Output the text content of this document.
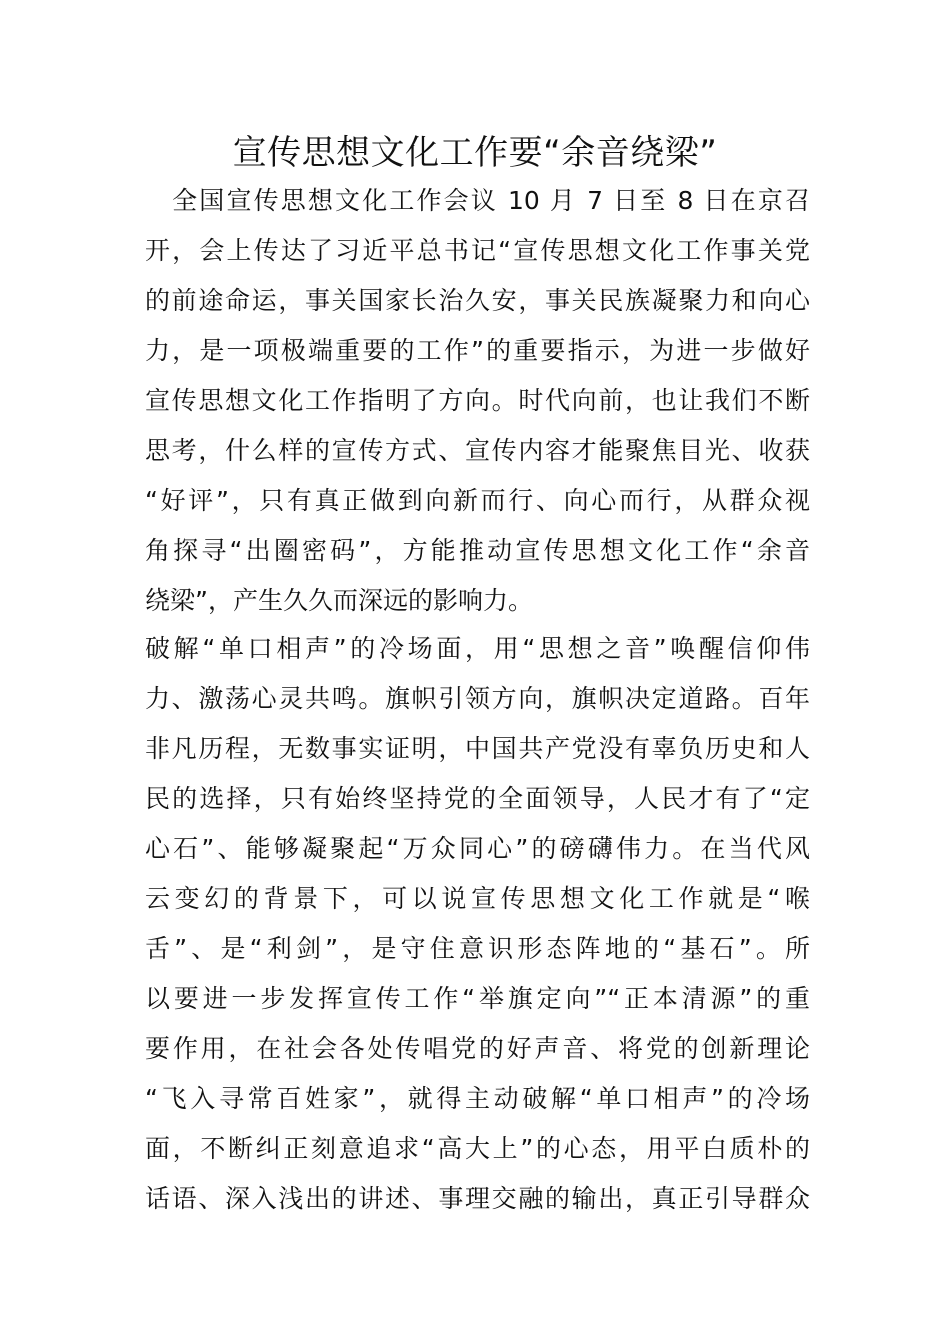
宣传思想文化工作要“余音绕梁”
　全国宣传思想文化工作会议 10 月 7 日至 8 日在京召
开，会上传达了习近平总书记“宣传思想文化工作事关党
的前途命运，事关国家长治久安，事关民族凝聚力和向心
力，是一项极端重要的工作”的重要指示，为进一步做好
宣传思想文化工作指明了方向。时代向前，也让我们不断
思考，什么样的宣传方式、宣传内容才能聚焦目光、收获
“好评”，只有真正做到向新而行、向心而行，从群众视
角探寻“出圈密码”，方能推动宣传思想文化工作“余音
绕梁”，产生久久而深远的影响力。
破解“单口相声”的冷场面，用“思想之音”唤醒信仰伟
力、激荡心灵共鸣。旗帜引领方向，旗帜决定道路。百年
非凡历程，无数事实证明，中国共产党没有辜负历史和人
民的选择，只有始终坚持党的全面领导，人民才有了“定
心石”、能够凝聚起“万众同心”的磅礴伟力。在当代风
云变幻的背景下，可以说宣传思想文化工作就是“喉
舌”、是“利剑”，是守住意识形态阵地的“基石”。所
以要进一步发挥宣传工作“举旗定向”“正本清源”的重
要作用，在社会各处传唱党的好声音、将党的创新理论
“飞入寻常百姓家”，就得主动破解“单口相声”的冷场
面，不断纠正刻意追求“高大上”的心态，用平白质朴的
话语、深入浅出的讲述、事理交融的输出，真正引导群众
